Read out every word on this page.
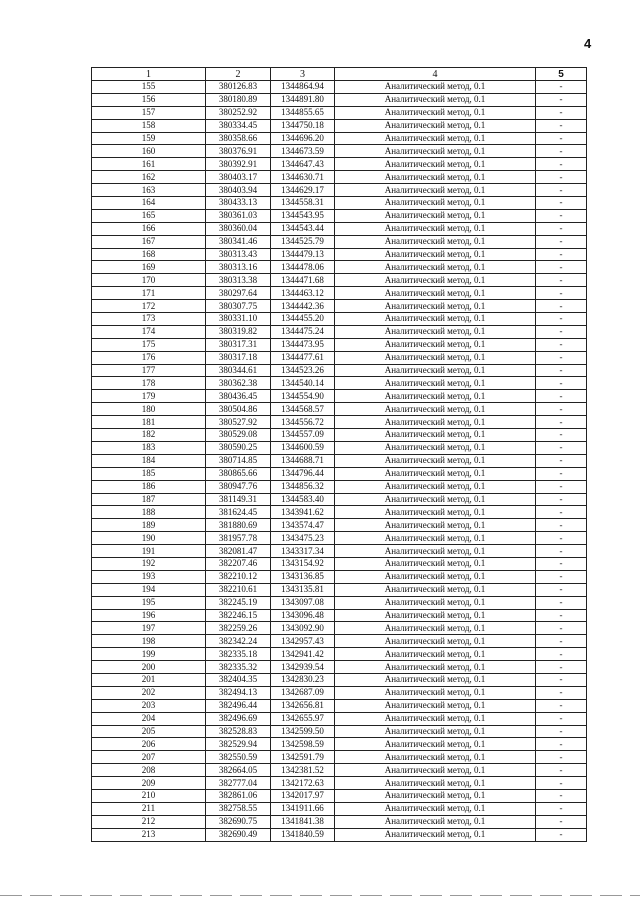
4
1	2	3	4	5
155	380126.83	1344864.94	Аналитический метод, 0.1	-
156	380180.89	1344891.80	Аналитический метод, 0.1	-
157	380252.92	1344855.65	Аналитический метод, 0.1	-
158	380334.45	1344750.18	Аналитический метод, 0.1	-
159	380358.66	1344696.20	Аналитический метод, 0.1	-
160	380376.91	1344673.59	Аналитический метод, 0.1	-
161	380392.91	1344647.43	Аналитический метод, 0.1	-
162	380403.17	1344630.71	Аналитический метод, 0.1	-
163	380403.94	1344629.17	Аналитический метод, 0.1	-
164	380433.13	1344558.31	Аналитический метод, 0.1	-
165	380361.03	1344543.95	Аналитический метод, 0.1	-
166	380360.04	1344543.44	Аналитический метод, 0.1	-
167	380341.46	1344525.79	Аналитический метод, 0.1	-
168	380313.43	1344479.13	Аналитический метод, 0.1	-
169	380313.16	1344478.06	Аналитический метод, 0.1	-
170	380313.38	1344471.68	Аналитический метод, 0.1	-
171	380297.64	1344463.12	Аналитический метод, 0.1	-
172	380307.75	1344442.36	Аналитический метод, 0.1	-
173	380331.10	1344455.20	Аналитический метод, 0.1	-
174	380319.82	1344475.24	Аналитический метод, 0.1	-
175	380317.31	1344473.95	Аналитический метод, 0.1	-
176	380317.18	1344477.61	Аналитический метод, 0.1	-
177	380344.61	1344523.26	Аналитический метод, 0.1	-
178	380362.38	1344540.14	Аналитический метод, 0.1	-
179	380436.45	1344554.90	Аналитический метод, 0.1	-
180	380504.86	1344568.57	Аналитический метод, 0.1	-
181	380527.92	1344556.72	Аналитический метод, 0.1	-
182	380529.08	1344557.09	Аналитический метод, 0.1	-
183	380590.25	1344600.59	Аналитический метод, 0.1	-
184	380714.85	1344688.71	Аналитический метод, 0.1	-
185	380865.66	1344796.44	Аналитический метод, 0.1	-
186	380947.76	1344856.32	Аналитический метод, 0.1	-
187	381149.31	1344583.40	Аналитический метод, 0.1	-
188	381624.45	1343941.62	Аналитический метод, 0.1	-
189	381880.69	1343574.47	Аналитический метод, 0.1	-
190	381957.78	1343475.23	Аналитический метод, 0.1	-
191	382081.47	1343317.34	Аналитический метод, 0.1	-
192	382207.46	1343154.92	Аналитический метод, 0.1	-
193	382210.12	1343136.85	Аналитический метод, 0.1	-
194	382210.61	1343135.81	Аналитический метод, 0.1	-
195	382245.19	1343097.08	Аналитический метод, 0.1	-
196	382246.15	1343096.48	Аналитический метод, 0.1	-
197	382259.26	1343092.90	Аналитический метод, 0.1	-
198	382342.24	1342957.43	Аналитический метод, 0.1	-
199	382335.18	1342941.42	Аналитический метод, 0.1	-
200	382335.32	1342939.54	Аналитический метод, 0.1	-
201	382404.35	1342830.23	Аналитический метод, 0.1	-
202	382494.13	1342687.09	Аналитический метод, 0.1	-
203	382496.44	1342656.81	Аналитический метод, 0.1	-
204	382496.69	1342655.97	Аналитический метод, 0.1	-
205	382528.83	1342599.50	Аналитический метод, 0.1	-
206	382529.94	1342598.59	Аналитический метод, 0.1	-
207	382550.59	1342591.79	Аналитический метод, 0.1	-
208	382664.05	1342381.52	Аналитический метод, 0.1	-
209	382777.04	1342172.63	Аналитический метод, 0.1	-
210	382861.06	1342017.97	Аналитический метод, 0.1	-
211	382758.55	1341911.66	Аналитический метод, 0.1	-
212	382690.75	1341841.38	Аналитический метод, 0.1	-
213	382690.49	1341840.59	Аналитический метод, 0.1	-
